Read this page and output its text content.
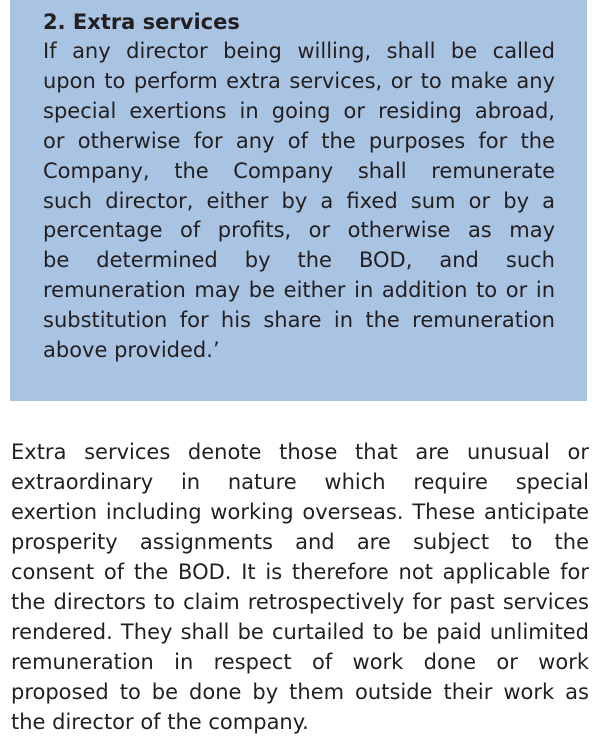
2. Extra services

If any director being willing, shall be called

upon to perform extra services, or to make any

special exertions in going or residing abroad,

or otherwise for any of the purposes for the

Company, the Company shall remunerate

such director, either by a fixed sum or by a

percentage of profits, or otherwise as may

be determined by the BOD, and such

remuneration may be either in addition to or in

substitution for his share in the remuneration

above provided.’

Extra services denote those that are unusual or

extraordinary in nature which require special

exertion including working overseas. These anticipate

prosperity assignments and are subject to the

consent of the BOD. It is therefore not applicable for

the directors to claim retrospectively for past services

rendered. They shall be curtailed to be paid unlimited

remuneration in respect of work done or work

proposed to be done by them outside their work as

the director of the company.
